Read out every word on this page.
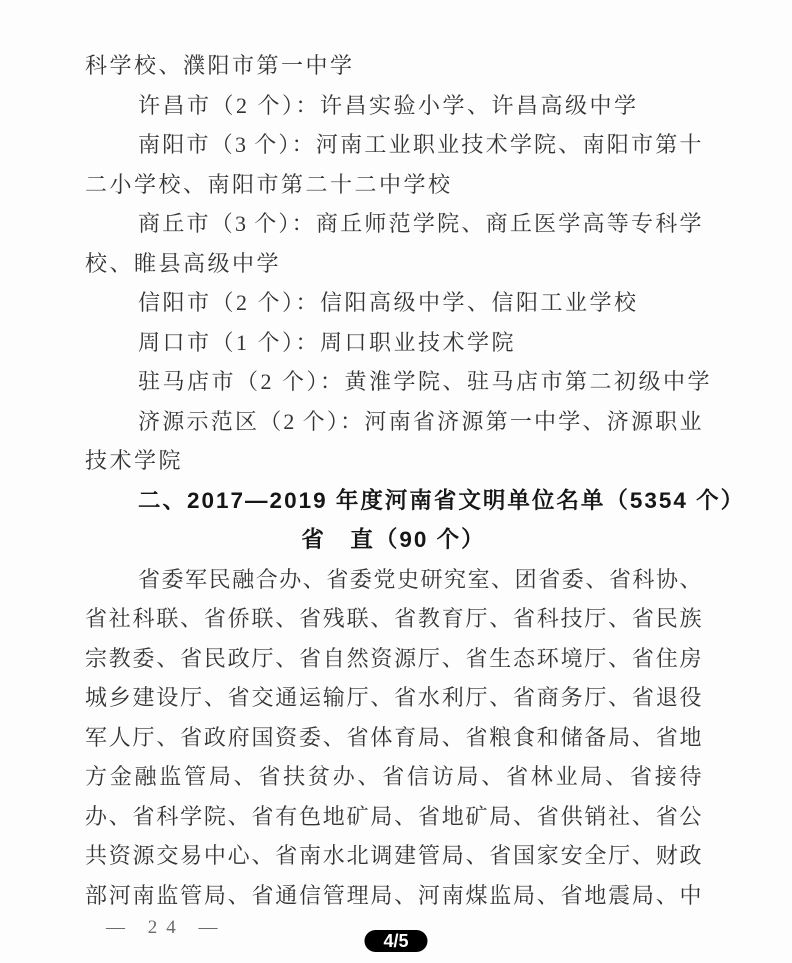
科学校、濮阳市第一中学
许昌市（2 个）：许昌实验小学、许昌高级中学
南阳市（3 个）：河南工业职业技术学院、南阳市第十
二小学校、南阳市第二十二中学校
商丘市（3 个）：商丘师范学院、商丘医学高等专科学
校、睢县高级中学
信阳市（2 个）：信阳高级中学、信阳工业学校
周口市（1 个）：周口职业技术学院
驻马店市（2 个）：黄淮学院、驻马店市第二初级中学
济源示范区（2 个）：河南省济源第一中学、济源职业
技术学院
二、2017—2019 年度河南省文明单位名单（5354 个）
省　直（90 个）
省委军民融合办、省委党史研究室、团省委、省科协、
省社科联、省侨联、省残联、省教育厅、省科技厅、省民族
宗教委、省民政厅、省自然资源厅、省生态环境厅、省住房
城乡建设厅、省交通运输厅、省水利厅、省商务厅、省退役
军人厅、省政府国资委、省体育局、省粮食和储备局、省地
方金融监管局、省扶贫办、省信访局、省林业局、省接待
办、省科学院、省有色地矿局、省地矿局、省供销社、省公
共资源交易中心、省南水北调建管局、省国家安全厅、财政
部河南监管局、省通信管理局、河南煤监局、省地震局、中
— 24 —
4/5
